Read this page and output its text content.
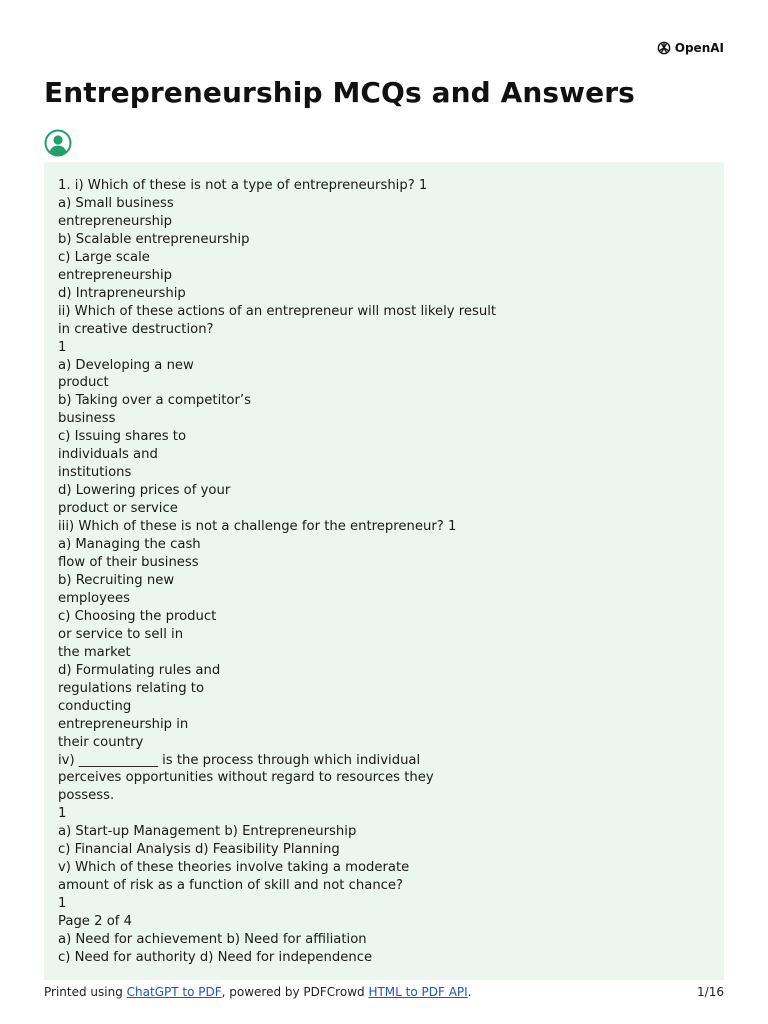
OpenAI
Entrepreneurship MCQs and Answers
1. i) Which of these is not a type of entrepreneurship? 1
a) Small business
entrepreneurship
b) Scalable entrepreneurship
c) Large scale
entrepreneurship
d) Intrapreneurship
ii) Which of these actions of an entrepreneur will most likely result
in creative destruction?
1
a) Developing a new
product
b) Taking over a competitor’s
business
c) Issuing shares to
individuals and
institutions
d) Lowering prices of your
product or service
iii) Which of these is not a challenge for the entrepreneur? 1
a) Managing the cash
flow of their business
b) Recruiting new
employees
c) Choosing the product
or service to sell in
the market
d) Formulating rules and
regulations relating to
conducting
entrepreneurship in
their country
iv) ____________ is the process through which individual
perceives opportunities without regard to resources they
possess.
1
a) Start-up Management b) Entrepreneurship
c) Financial Analysis d) Feasibility Planning
v) Which of these theories involve taking a moderate
amount of risk as a function of skill and not chance?
1
Page 2 of 4
a) Need for achievement b) Need for affiliation
c) Need for authority d) Need for independence
Printed using ChatGPT to PDF, powered by PDFCrowd HTML to PDF API.	1/16
